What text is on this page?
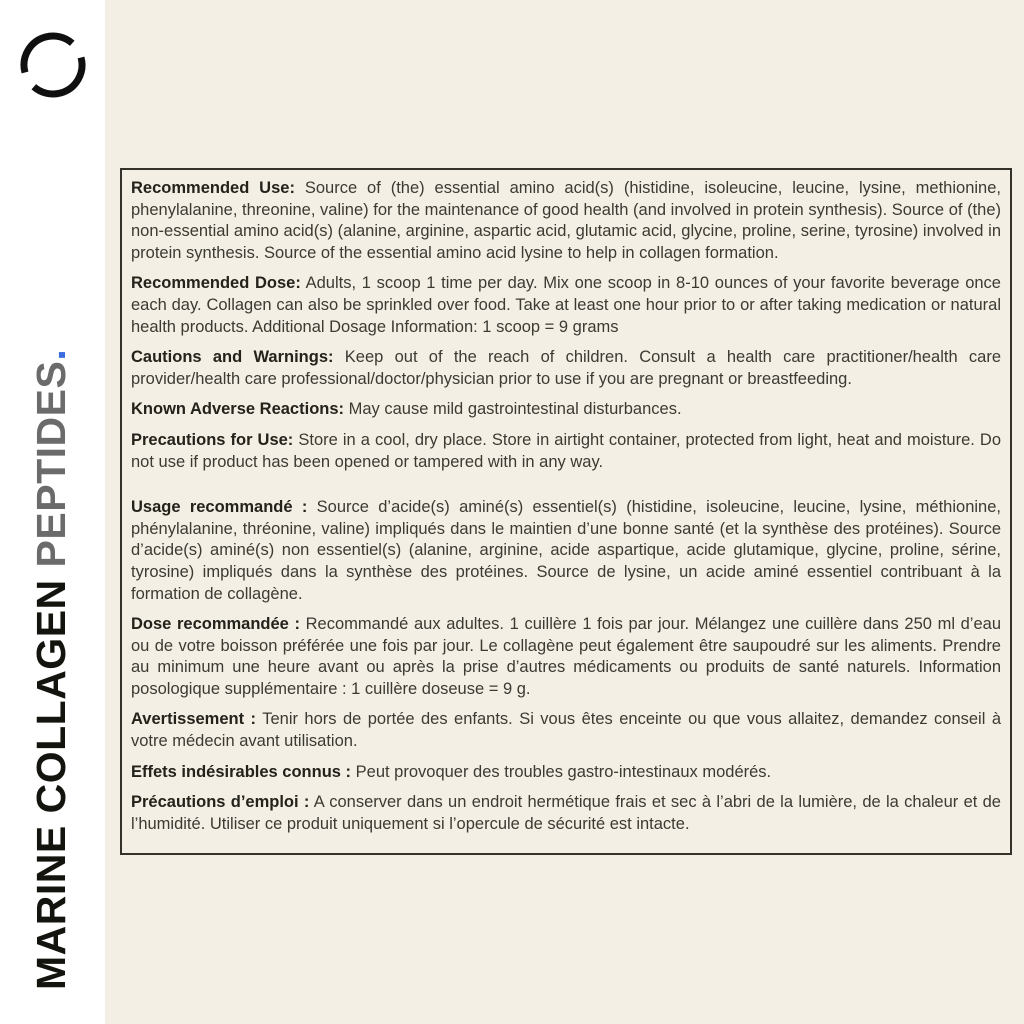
MARINE COLLAGEN PEPTIDES.

Recommended Use: Source of (the) essential amino acid(s) (histidine, isoleucine, leucine, lysine, methionine, phenylalanine, threonine, valine) for the maintenance of good health (and involved in protein synthesis). Source of (the) non-essential amino acid(s) (alanine, arginine, aspartic acid, glutamic acid, glycine, proline, serine, tyrosine) involved in protein synthesis. Source of the essential amino acid lysine to help in collagen formation.

Recommended Dose: Adults, 1 scoop 1 time per day. Mix one scoop in 8-10 ounces of your favorite beverage once each day. Collagen can also be sprinkled over food. Take at least one hour prior to or after taking medication or natural health products. Additional Dosage Information: 1 scoop = 9 grams

Cautions and Warnings: Keep out of the reach of children. Consult a health care practitioner/health care provider/health care professional/doctor/physician prior to use if you are pregnant or breastfeeding.

Known Adverse Reactions: May cause mild gastrointestinal disturbances.

Precautions for Use: Store in a cool, dry place. Store in airtight container, protected from light, heat and moisture. Do not use if product has been opened or tampered with in any way.

Usage recommandé : Source d’acide(s) aminé(s) essentiel(s) (histidine, isoleucine, leucine, lysine, méthionine, phénylalanine, thréonine, valine) impliqués dans le maintien d’une bonne santé (et la synthèse des protéines). Source d’acide(s) aminé(s) non essentiel(s) (alanine, arginine, acide aspartique, acide glutamique, glycine, proline, sérine, tyrosine) impliqués dans la synthèse des protéines. Source de lysine, un acide aminé essentiel contribuant à la formation de collagène.

Dose recommandée : Recommandé aux adultes. 1 cuillère 1 fois par jour. Mélangez une cuillère dans 250 ml d’eau ou de votre boisson préférée une fois par jour. Le collagène peut également être saupoudré sur les aliments. Prendre au minimum une heure avant ou après la prise d’autres médicaments ou produits de santé naturels. Information posologique supplémentaire : 1 cuillère doseuse = 9 g.

Avertissement : Tenir hors de portée des enfants. Si vous êtes enceinte ou que vous allaitez, demandez conseil à votre médecin avant utilisation.

Effets indésirables connus : Peut provoquer des troubles gastro-intestinaux modérés.

Précautions d’emploi : A conserver dans un endroit hermétique frais et sec à l’abri de la lumière, de la chaleur et de l’humidité. Utiliser ce produit uniquement si l’opercule de sécurité est intacte.
